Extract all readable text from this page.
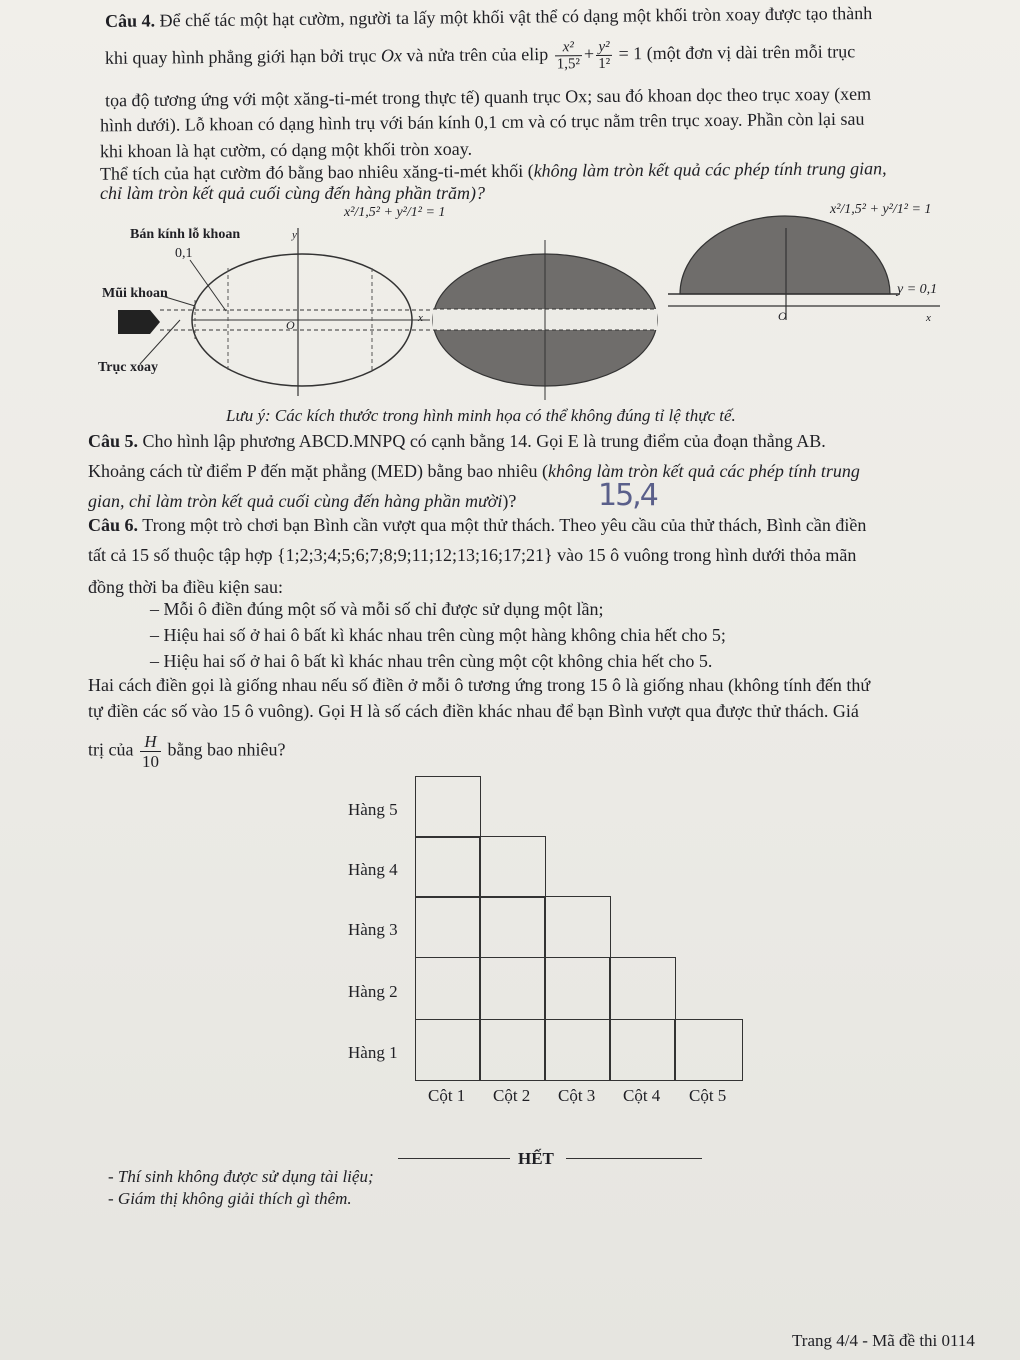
Câu 4. Để chế tác một hạt cườm, người ta lấy một khối vật thể có dạng một khối tròn xoay được tạo thành
khi quay hình phẳng giới hạn bởi trục Ox và nửa trên của elip $\frac{\text{x²}}{\text{1,5²}} + \frac{\text{y²}}{\text{1²}} = 1$ (một đơn vị dài trên mỗi trục
tọa độ tương ứng với một xăng-ti-mét trong thực tế) quanh trục Ox; sau đó khoan dọc theo trục xoay (xem
hình dưới). Lỗ khoan có dạng hình trụ với bán kính 0,1 cm và có trục nằm trên trục xoay. Phần còn lại sau
khi khoan là hạt cườm, có dạng một khối tròn xoay.
Thể tích của hạt cườm đó bằng bao nhiêu xăng-ti-mét khối (không làm tròn kết quả các phép tính trung gian,
chỉ làm tròn kết quả cuối cùng đến hàng phần trăm)?
Bán kính lỗ khoan
0,1
Mũi khoan
Trục xoay
x²/1,5² + y²/1² = 1	x²/1,5² + y²/1² = 1
y = 0,1
y
x
O	x
O
Lưu ý: Các kích thước trong hình minh họa có thể không đúng tỉ lệ thực tế.
Câu 5. Cho hình lập phương ABCD.MNPQ có cạnh bằng 14. Gọi E là trung điểm của đoạn thẳng AB.
Khoảng cách từ điểm P đến mặt phẳng (MED) bằng bao nhiêu (không làm tròn kết quả các phép tính trung
gian, chỉ làm tròn kết quả cuối cùng đến hàng phần mười)?	15,4
Câu 6. Trong một trò chơi bạn Bình cần vượt qua một thử thách. Theo yêu cầu của thử thách, Bình cần điền
tất cả 15 số thuộc tập hợp {1;2;3;4;5;6;7;8;9;11;12;13;16;17;21} vào 15 ô vuông trong hình dưới thỏa mãn
đồng thời ba điều kiện sau:
– Mỗi ô điền đúng một số và mỗi số chỉ được sử dụng một lần;
– Hiệu hai số ở hai ô bất kì khác nhau trên cùng một hàng không chia hết cho 5;
– Hiệu hai số ở hai ô bất kì khác nhau trên cùng một cột không chia hết cho 5.
Hai cách điền gọi là giống nhau nếu số điền ở mỗi ô tương ứng trong 15 ô là giống nhau (không tính đến thứ
tự điền các số vào 15 ô vuông). Gọi H là số cách điền khác nhau để bạn Bình vượt qua được thử thách. Giá
trị của $\frac{H}{10}$ bằng bao nhiêu?
Hàng 5
Hàng 4
Hàng 3
Hàng 2
Hàng 1
Cột 1 Cột 2 Cột 3 Cột 4 Cột 5
HẾT
- Thí sinh không được sử dụng tài liệu;
- Giám thị không giải thích gì thêm.
Trang 4/4 - Mã đề thi 0114
